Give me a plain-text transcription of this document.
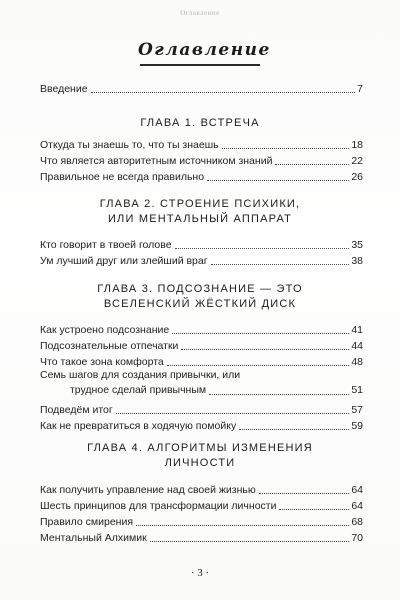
Оглавление
Оглавление
Введение	7
ГЛАВА 1. ВСТРЕЧА
Откуда ты знаешь то, что ты знаешь	18
Что является авторитетным источником знаний	22
Правильное не всегда правильно	26
ГЛАВА 2. СТРОЕНИЕ ПСИХИКИ,
ИЛИ МЕНТАЛЬНЫЙ АППАРАТ
Кто говорит в твоей голове	35
Ум лучший друг или злейший враг	38
ГЛАВА 3. ПОДСОЗНАНИЕ — ЭТО
ВСЕЛЕНСКИЙ ЖЁСТКИЙ ДИСК
Как устроено подсознание	41
Подсознательные отпечатки	44
Что такое зона комфорта	48
Семь шагов для создания привычки, или
трудное сделай привычным	51
Подведём итог	57
Как не превратиться в ходячую помойку	59
ГЛАВА 4. АЛГОРИТМЫ ИЗМЕНЕНИЯ
ЛИЧНОСТИ
Как получить управление над своей жизнью	64
Шесть принципов для трансформации личности	64
Правило смирения	68
Ментальный Алхимик	70
· 3 ·
